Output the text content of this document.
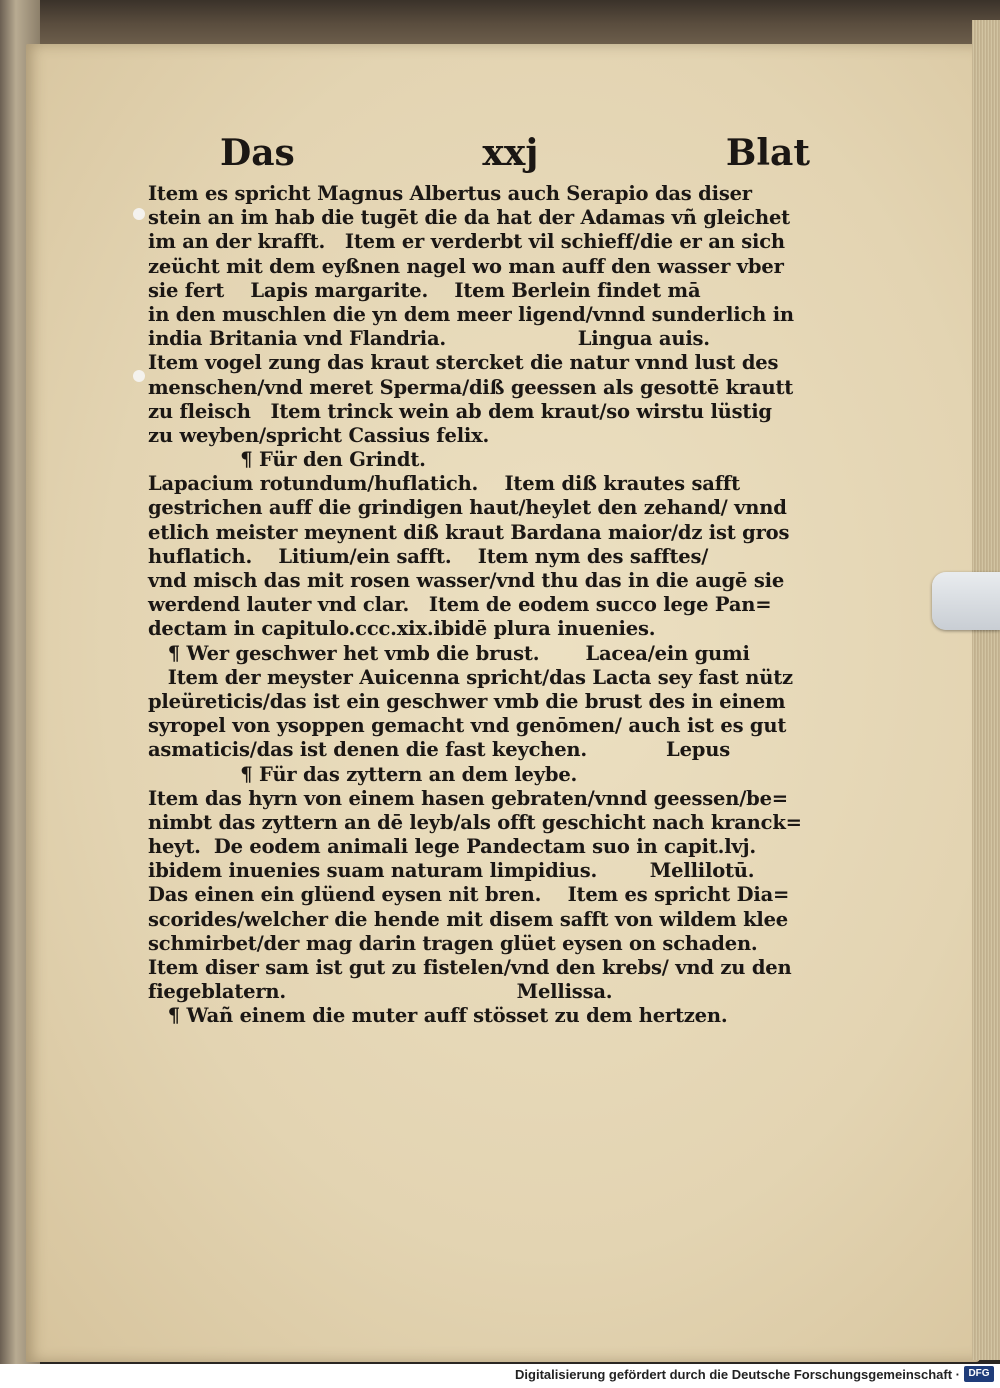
Das	xxj	Blat
Item es spricht Magnus Albertus auch Serapio das diser
stein an im hab die tugēt die da hat der Adamas vñ gleichet
im an der krafft.   Item er verderbt vil schieff/die er an sich
zeücht mit dem eyßnen nagel wo man auff den wasser vber
sie fert    Lapis margarite.    Item Berlein findet mā
in den muschlen die yn dem meer ligend/vnnd sunderlich in
india Britania vnd Flandria.                    Lingua auis.
Item vogel zung das kraut stercket die natur vnnd lust des
menschen/vnd meret Sperma/diß geessen als gesottē krautt
zu fleisch   Item trinck wein ab dem kraut/so wirstu lüstig
zu weyben/spricht Cassius felix.
¶ Für den Grindt.
Lapacium rotundum/huflatich.    Item diß krautes safft
gestrichen auff die grindigen haut/heylet den zehand/ vnnd
etlich meister meynent diß kraut Bardana maior/dz ist gros
huflatich.    Litium/ein safft.    Item nym des safftes/
vnd misch das mit rosen wasser/vnd thu das in die augē sie
werdend lauter vnd clar.   Item de eodem succo lege Pan=
dectam in capitulo.ccc.xix.ibidē plura inuenies.
¶ Wer geschwer het vmb die brust.       Lacea/ein gumi
Item der meyster Auicenna spricht/das Lacta sey fast nütz
pleüreticis/das ist ein geschwer vmb die brust des in einem
syropel von ysoppen gemacht vnd genōmen/ auch ist es gut
asmaticis/das ist denen die fast keychen.            Lepus
¶ Für das zyttern an dem leybe.
Item das hyrn von einem hasen gebraten/vnnd geessen/be=
nimbt das zyttern an dē leyb/als offt geschicht nach kranck=
heyt.  De eodem animali lege Pandectam suo in capit.lvj.
ibidem inuenies suam naturam limpidius.        Mellilotū.
Das einen ein glüend eysen nit bren.    Item es spricht Dia=
scorides/welcher die hende mit disem safft von wildem klee
schmirbet/der mag darin tragen glüet eysen on schaden.
Item diser sam ist gut zu fistelen/vnd den krebs/ vnd zu den
fiegeblatern.                                   Mellissa.
¶ Wañ einem die muter auff stösset zu dem hertzen.
Digitalisierung gefördert durch die Deutsche Forschungsgemeinschaft · DFG
